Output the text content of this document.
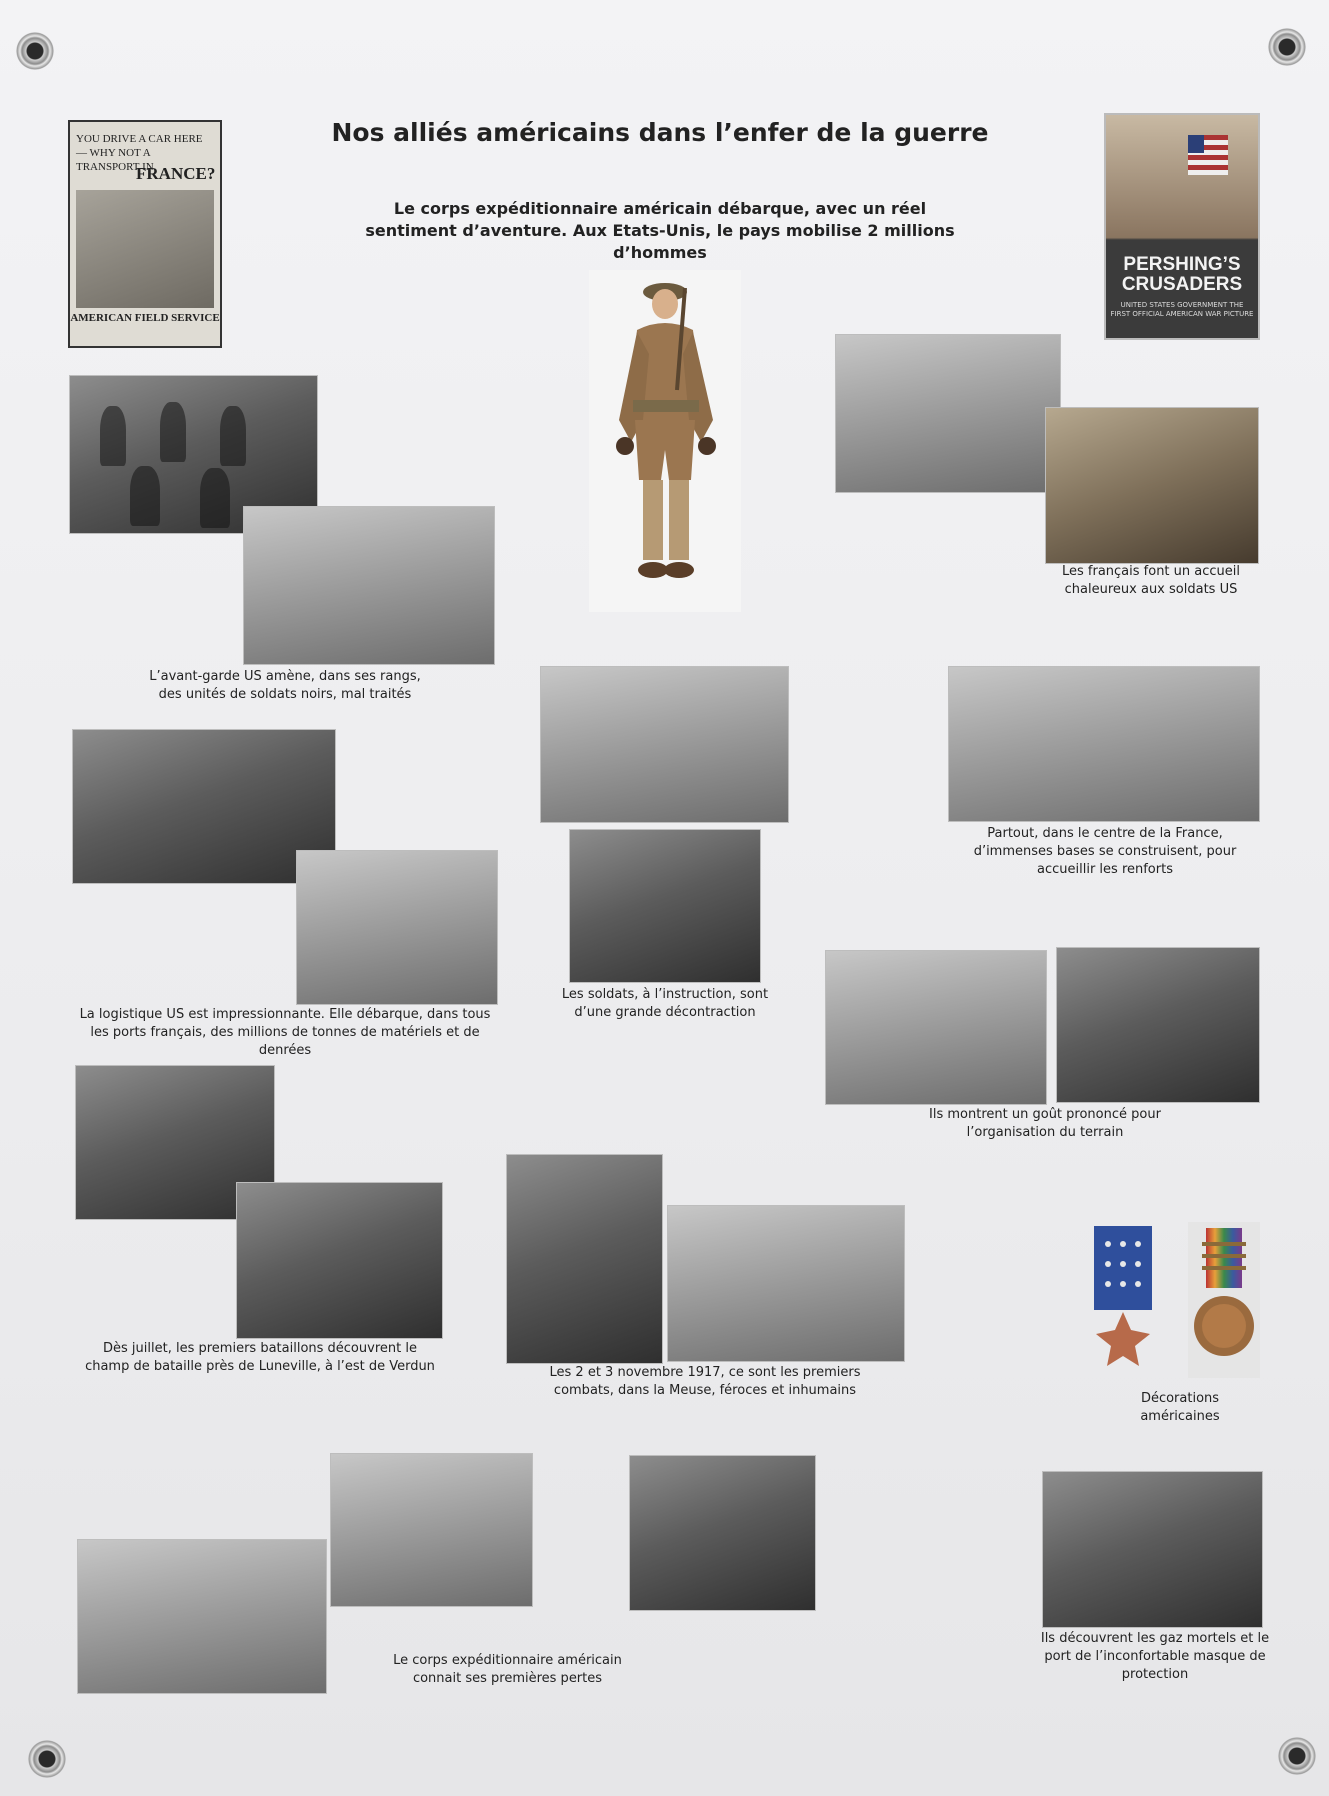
Nos alliés américains dans l’enfer de la guerre
Le corps expéditionnaire américain débarque, avec un réel sentiment d’aventure. Aux Etats-Unis, le pays mobilise 2 millions d’hommes
YOU DRIVE A CAR HERE — WHY NOT A TRANSPORT IN
FRANCE?
AMERICAN FIELD SERVICE
PERSHING’S CRUSADERS
UNITED STATES GOVERNMENT THE FIRST OFFICIAL AMERICAN WAR PICTURE
L’avant-garde US amène, dans ses rangs, des unités de soldats noirs, mal traités
Les français font un accueil chaleureux aux soldats US
La logistique US est impressionnante. Elle débarque, dans tous les ports français, des millions de tonnes de matériels et de denrées
Les soldats, à l’instruction, sont d’une grande décontraction
Partout, dans le centre de la France, d’immenses bases se construisent, pour accueillir les renforts
Ils montrent un goût prononcé pour l’organisation du terrain
Dès juillet, les premiers bataillons découvrent le champ de bataille près de Luneville, à l’est de Verdun	Les 2 et 3 novembre 1917, ce sont les premiers combats, dans la Meuse, féroces et inhumains
Décorations américaines
Le corps expéditionnaire américain connait ses premières pertes
Ils découvrent les gaz mortels et le port de l’inconfortable masque de protection
